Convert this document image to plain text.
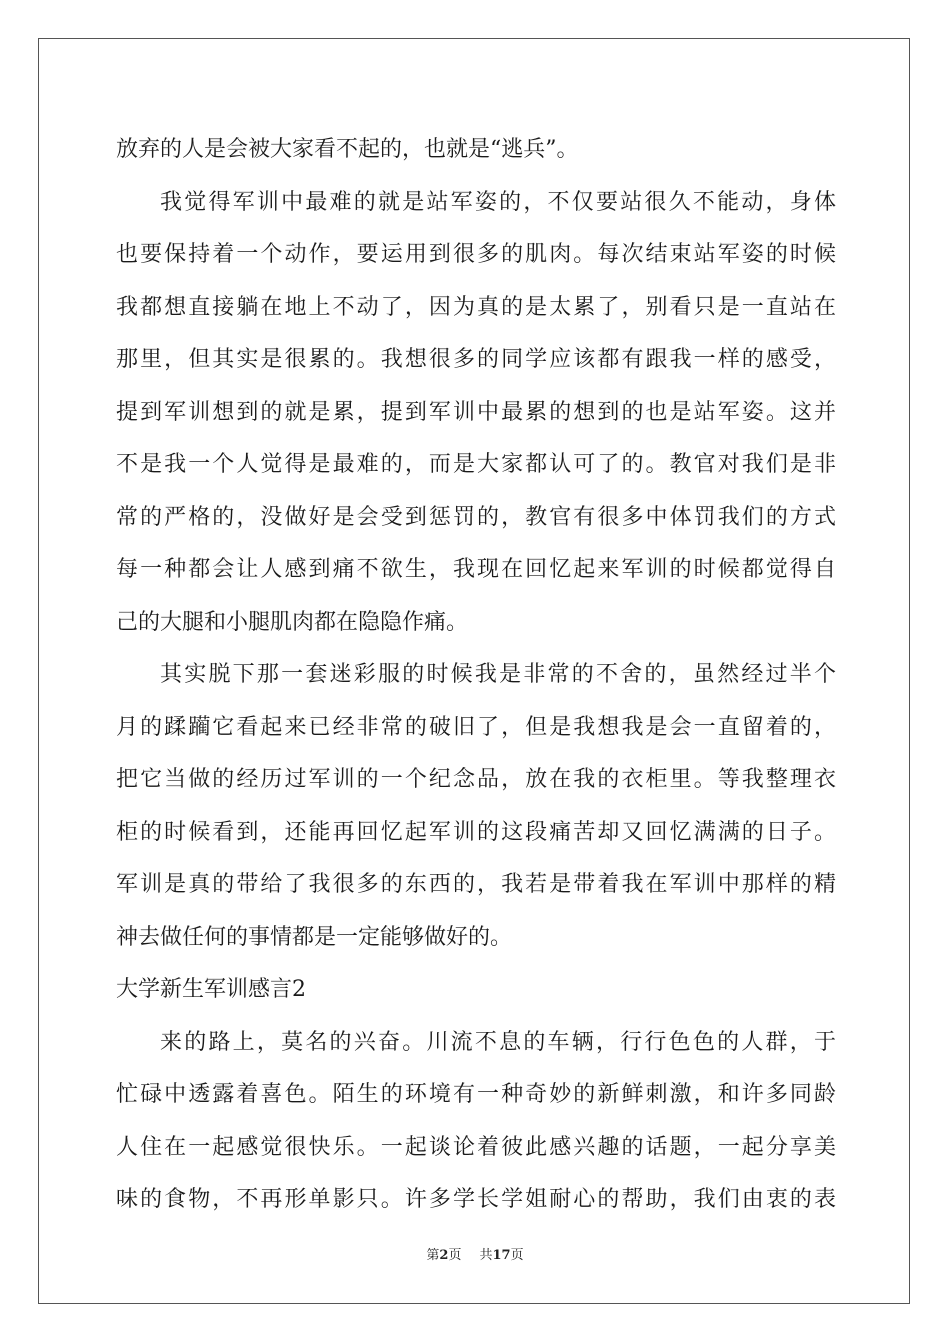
放弃的人是会被大家看不起的，也就是“逃兵”。
我觉得军训中最难的就是站军姿的，不仅要站很久不能动，身体
也要保持着一个动作，要运用到很多的肌肉。每次结束站军姿的时候
我都想直接躺在地上不动了，因为真的是太累了，别看只是一直站在
那里，但其实是很累的。我想很多的同学应该都有跟我一样的感受，
提到军训想到的就是累，提到军训中最累的想到的也是站军姿。这并
不是我一个人觉得是最难的，而是大家都认可了的。教官对我们是非
常的严格的，没做好是会受到惩罚的，教官有很多中体罚我们的方式
每一种都会让人感到痛不欲生，我现在回忆起来军训的时候都觉得自
己的大腿和小腿肌肉都在隐隐作痛。
其实脱下那一套迷彩服的时候我是非常的不舍的，虽然经过半个
月的蹂躏它看起来已经非常的破旧了，但是我想我是会一直留着的，
把它当做的经历过军训的一个纪念品，放在我的衣柜里。等我整理衣
柜的时候看到，还能再回忆起军训的这段痛苦却又回忆满满的日子。
军训是真的带给了我很多的东西的，我若是带着我在军训中那样的精
神去做任何的事情都是一定能够做好的。
大学新生军训感言2
来的路上，莫名的兴奋。川流不息的车辆，行行色色的人群，于
忙碌中透露着喜色。陌生的环境有一种奇妙的新鲜刺激，和许多同龄
人住在一起感觉很快乐。一起谈论着彼此感兴趣的话题，一起分享美
味的食物，不再形单影只。许多学长学姐耐心的帮助，我们由衷的表
第2页 共17页
